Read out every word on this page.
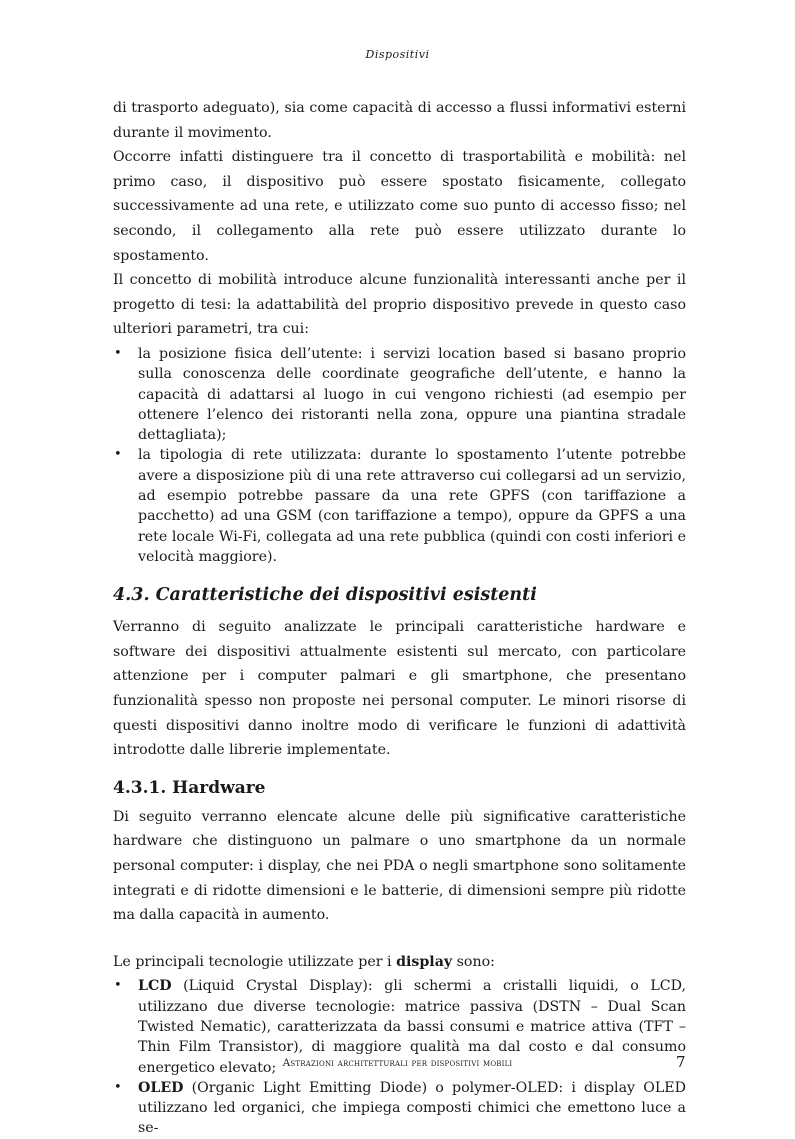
Dispositivi

di trasporto adeguato), sia come capacità di accesso a flussi informativi esterni durante il movimento.

Occorre infatti distinguere tra il concetto di trasportabilità e mobilità: nel primo caso, il dispositivo può essere spostato fisicamente, collegato successivamente ad una rete, e utilizzato come suo punto di accesso fisso; nel secondo, il collegamento alla rete può essere utilizzato durante lo spostamento.

Il concetto di mobilità introduce alcune funzionalità interessanti anche per il progetto di tesi: la adattabilità del proprio dispositivo prevede in questo caso ulteriori parametri, tra cui:

• la posizione fisica dell’utente: i servizi location based si basano proprio sulla conoscenza delle coordinate geografiche dell’utente, e hanno la capacità di adattarsi al luogo in cui vengono richiesti (ad esempio per ottenere l’elenco dei ristoranti nella zona, oppure una piantina stradale dettagliata);
• la tipologia di rete utilizzata: durante lo spostamento l’utente potrebbe avere a disposizione più di una rete attraverso cui collegarsi ad un servizio, ad esempio potrebbe passare da una rete GPFS (con tariffazione a pacchetto) ad una GSM (con tariffazione a tempo), oppure da GPFS a una rete locale Wi-Fi, collegata ad una rete pubblica (quindi con costi inferiori e velocità maggiore).
4.3. Caratteristiche dei dispositivi esistenti

Verranno di seguito analizzate le principali caratteristiche hardware e software dei dispositivi attualmente esistenti sul mercato, con particolare attenzione per i computer palmari e gli smartphone, che presentano funzionalità spesso non proposte nei personal computer. Le minori risorse di questi dispositivi danno inoltre modo di verificare le funzioni di adattività introdotte dalle librerie implementate.

4.3.1. Hardware

Di seguito verranno elencate alcune delle più significative caratteristiche hardware che distinguono un palmare o uno smartphone da un normale personal computer: i display, che nei PDA o negli smartphone sono solitamente integrati e di ridotte dimensioni e le batterie, di dimensioni sempre più ridotte ma dalla capacità in aumento.

Le principali tecnologie utilizzate per i display sono:

• LCD (Liquid Crystal Display): gli schermi a cristalli liquidi, o LCD, utilizzano due diverse tecnologie: matrice passiva (DSTN – Dual Scan Twisted Nematic), caratterizzata da bassi consumi e matrice attiva (TFT – Thin Film Transistor), di maggiore qualità ma dal costo e dal consumo energetico elevato;
• OLED (Organic Light Emitting Diode) o polymer-OLED: i display OLED utilizzano led organici, che impiega composti chimici che emettono luce a se-
Astrazioni architetturali per dispositivi mobili	7
